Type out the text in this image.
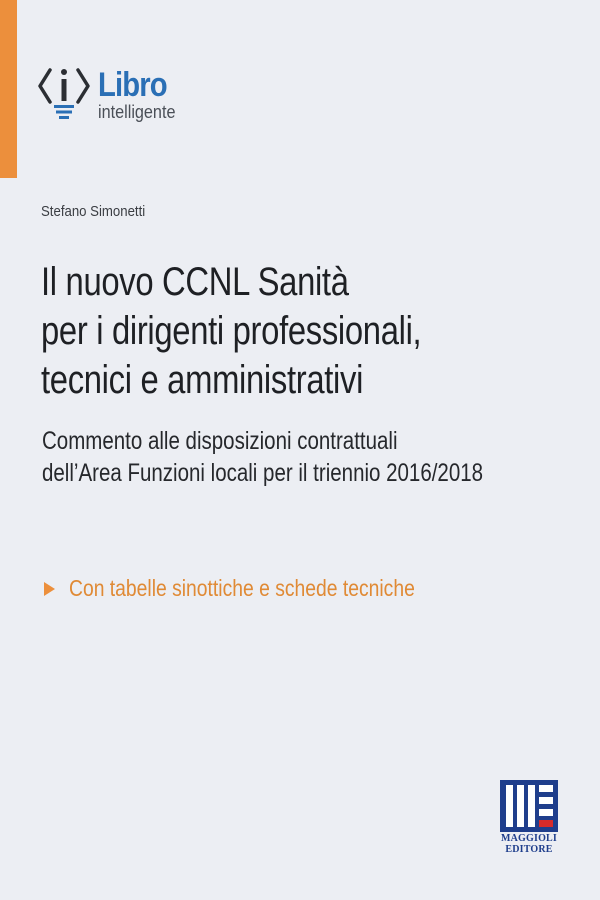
Libro
intelligente
Stefano Simonetti
Il nuovo CCNL Sanità
per i dirigenti professionali,
tecnici e amministrativi

Commento alle disposizioni contrattuali
dell’Area Funzioni locali per il triennio 2016/2018

Con tabelle sinottiche e schede tecniche
MAGGIOLI
EDITORE
